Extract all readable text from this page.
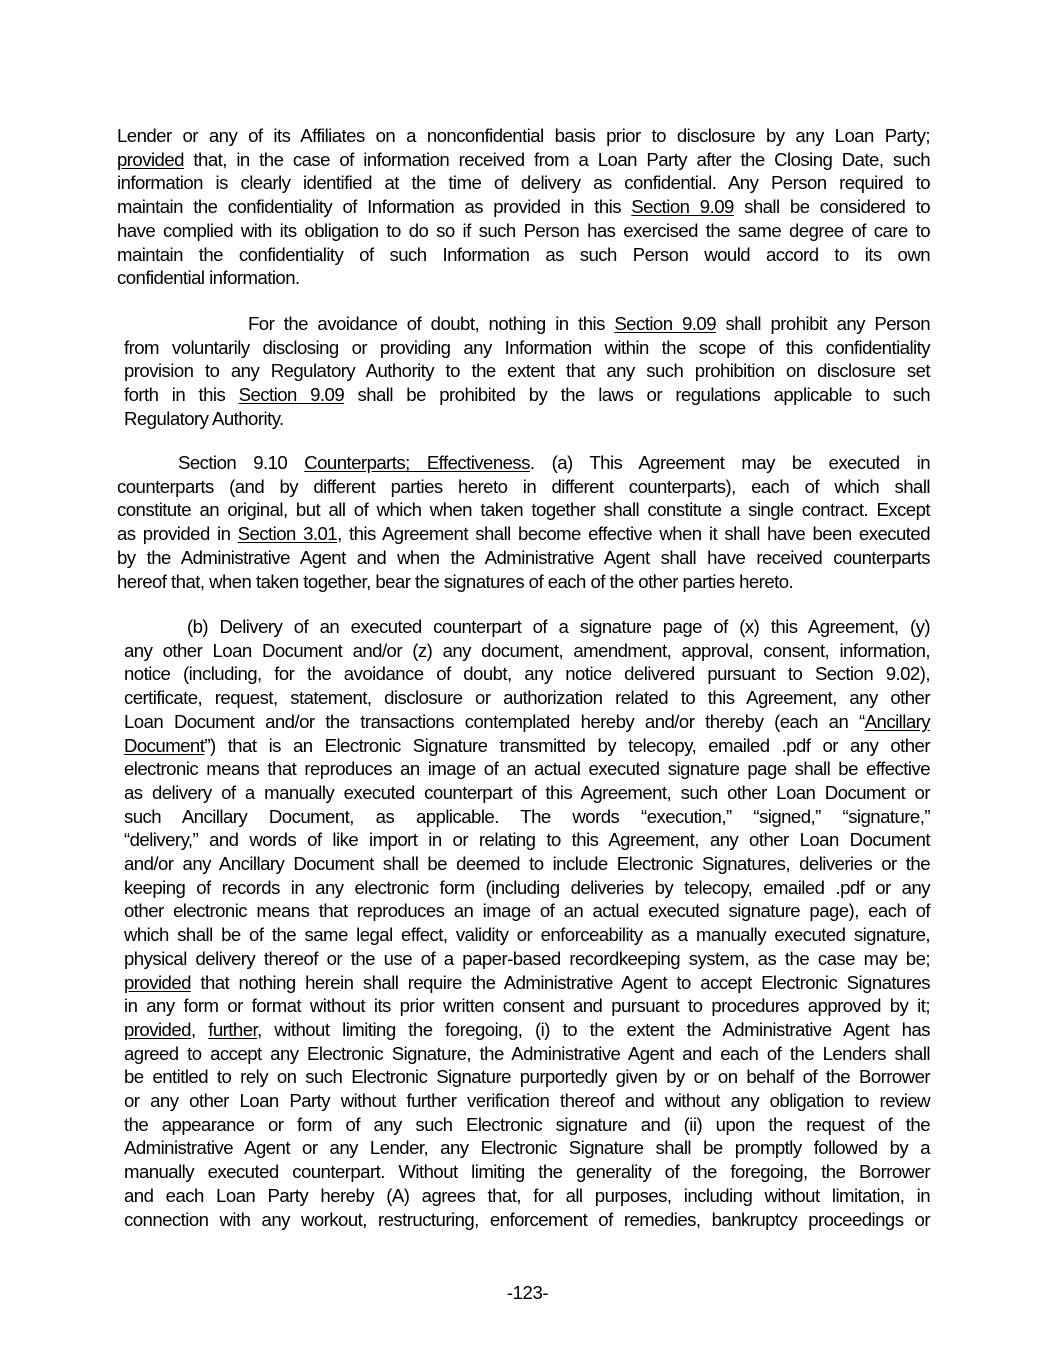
Lender or any of its Affiliates on a nonconfidential basis prior to disclosure by any Loan Party;
provided that, in the case of information received from a Loan Party after the Closing Date, such
information is clearly identified at the time of delivery as confidential. Any Person required to
maintain the confidentiality of Information as provided in this Section 9.09 shall be considered to
have complied with its obligation to do so if such Person has exercised the same degree of care to
maintain the confidentiality of such Information as such Person would accord to its own
confidential information.
For the avoidance of doubt, nothing in this Section 9.09 shall prohibit any Person
from voluntarily disclosing or providing any Information within the scope of this confidentiality
provision to any Regulatory Authority to the extent that any such prohibition on disclosure set
forth in this Section 9.09 shall be prohibited by the laws or regulations applicable to such
Regulatory Authority.
Section 9.10 Counterparts; Effectiveness. (a) This Agreement may be executed in
counterparts (and by different parties hereto in different counterparts), each of which shall
constitute an original, but all of which when taken together shall constitute a single contract. Except
as provided in Section 3.01, this Agreement shall become effective when it shall have been executed
by the Administrative Agent and when the Administrative Agent shall have received counterparts
hereof that, when taken together, bear the signatures of each of the other parties hereto.
(b) Delivery of an executed counterpart of a signature page of (x) this Agreement, (y)
any other Loan Document and/or (z) any document, amendment, approval, consent, information,
notice (including, for the avoidance of doubt, any notice delivered pursuant to Section 9.02),
certificate, request, statement, disclosure or authorization related to this Agreement, any other
Loan Document and/or the transactions contemplated hereby and/or thereby (each an “Ancillary
Document”) that is an Electronic Signature transmitted by telecopy, emailed .pdf or any other
electronic means that reproduces an image of an actual executed signature page shall be effective
as delivery of a manually executed counterpart of this Agreement, such other Loan Document or
such Ancillary Document, as applicable. The words “execution,” “signed,” “signature,”
“delivery,” and words of like import in or relating to this Agreement, any other Loan Document
and/or any Ancillary Document shall be deemed to include Electronic Signatures, deliveries or the
keeping of records in any electronic form (including deliveries by telecopy, emailed .pdf or any
other electronic means that reproduces an image of an actual executed signature page), each of
which shall be of the same legal effect, validity or enforceability as a manually executed signature,
physical delivery thereof or the use of a paper-based recordkeeping system, as the case may be;
provided that nothing herein shall require the Administrative Agent to accept Electronic Signatures
in any form or format without its prior written consent and pursuant to procedures approved by it;
provided, further, without limiting the foregoing, (i) to the extent the Administrative Agent has
agreed to accept any Electronic Signature, the Administrative Agent and each of the Lenders shall
be entitled to rely on such Electronic Signature purportedly given by or on behalf of the Borrower
or any other Loan Party without further verification thereof and without any obligation to review
the appearance or form of any such Electronic signature and (ii) upon the request of the
Administrative Agent or any Lender, any Electronic Signature shall be promptly followed by a
manually executed counterpart. Without limiting the generality of the foregoing, the Borrower
and each Loan Party hereby (A) agrees that, for all purposes, including without limitation, in
connection with any workout, restructuring, enforcement of remedies, bankruptcy proceedings or
-123-
